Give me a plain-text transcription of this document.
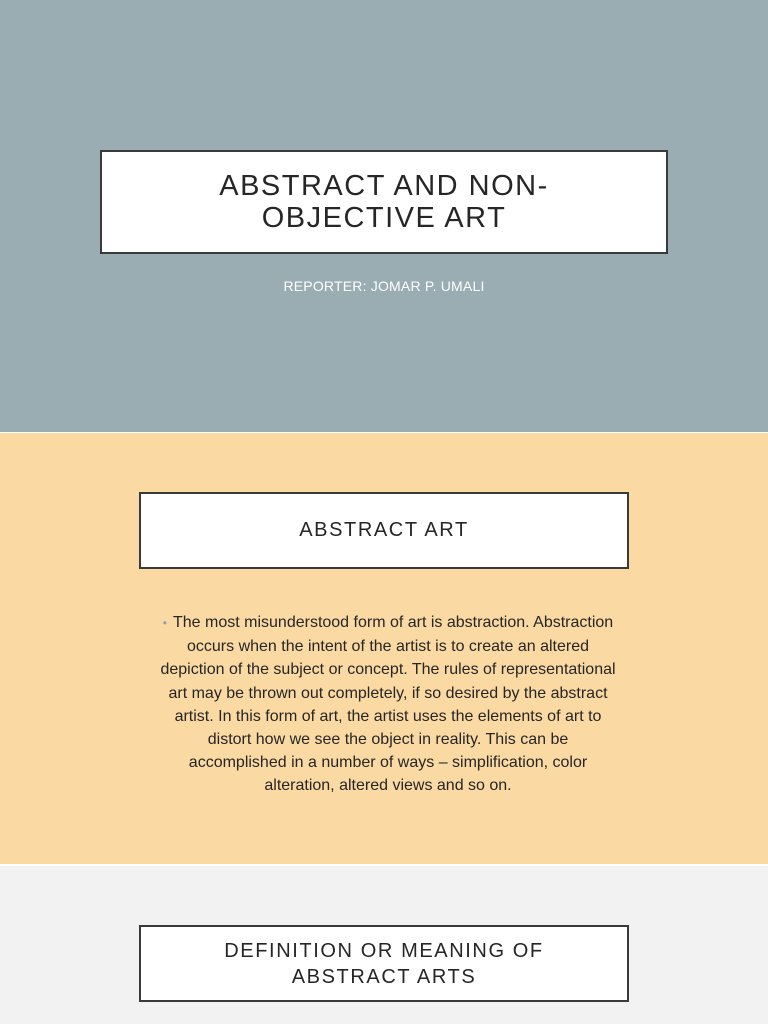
ABSTRACT AND NON-OBJECTIVE ART
REPORTER: JOMAR P. UMALI
ABSTRACT ART
• The most misunderstood form of art is abstraction. Abstraction occurs when the intent of the artist is to create an altered depiction of the subject or concept. The rules of representational art may be thrown out completely, if so desired by the abstract artist. In this form of art, the artist uses the elements of art to distort how we see the object in reality. This can be accomplished in a number of ways – simplification, color alteration, altered views and so on.
DEFINITION OR MEANING OF ABSTRACT ARTS
